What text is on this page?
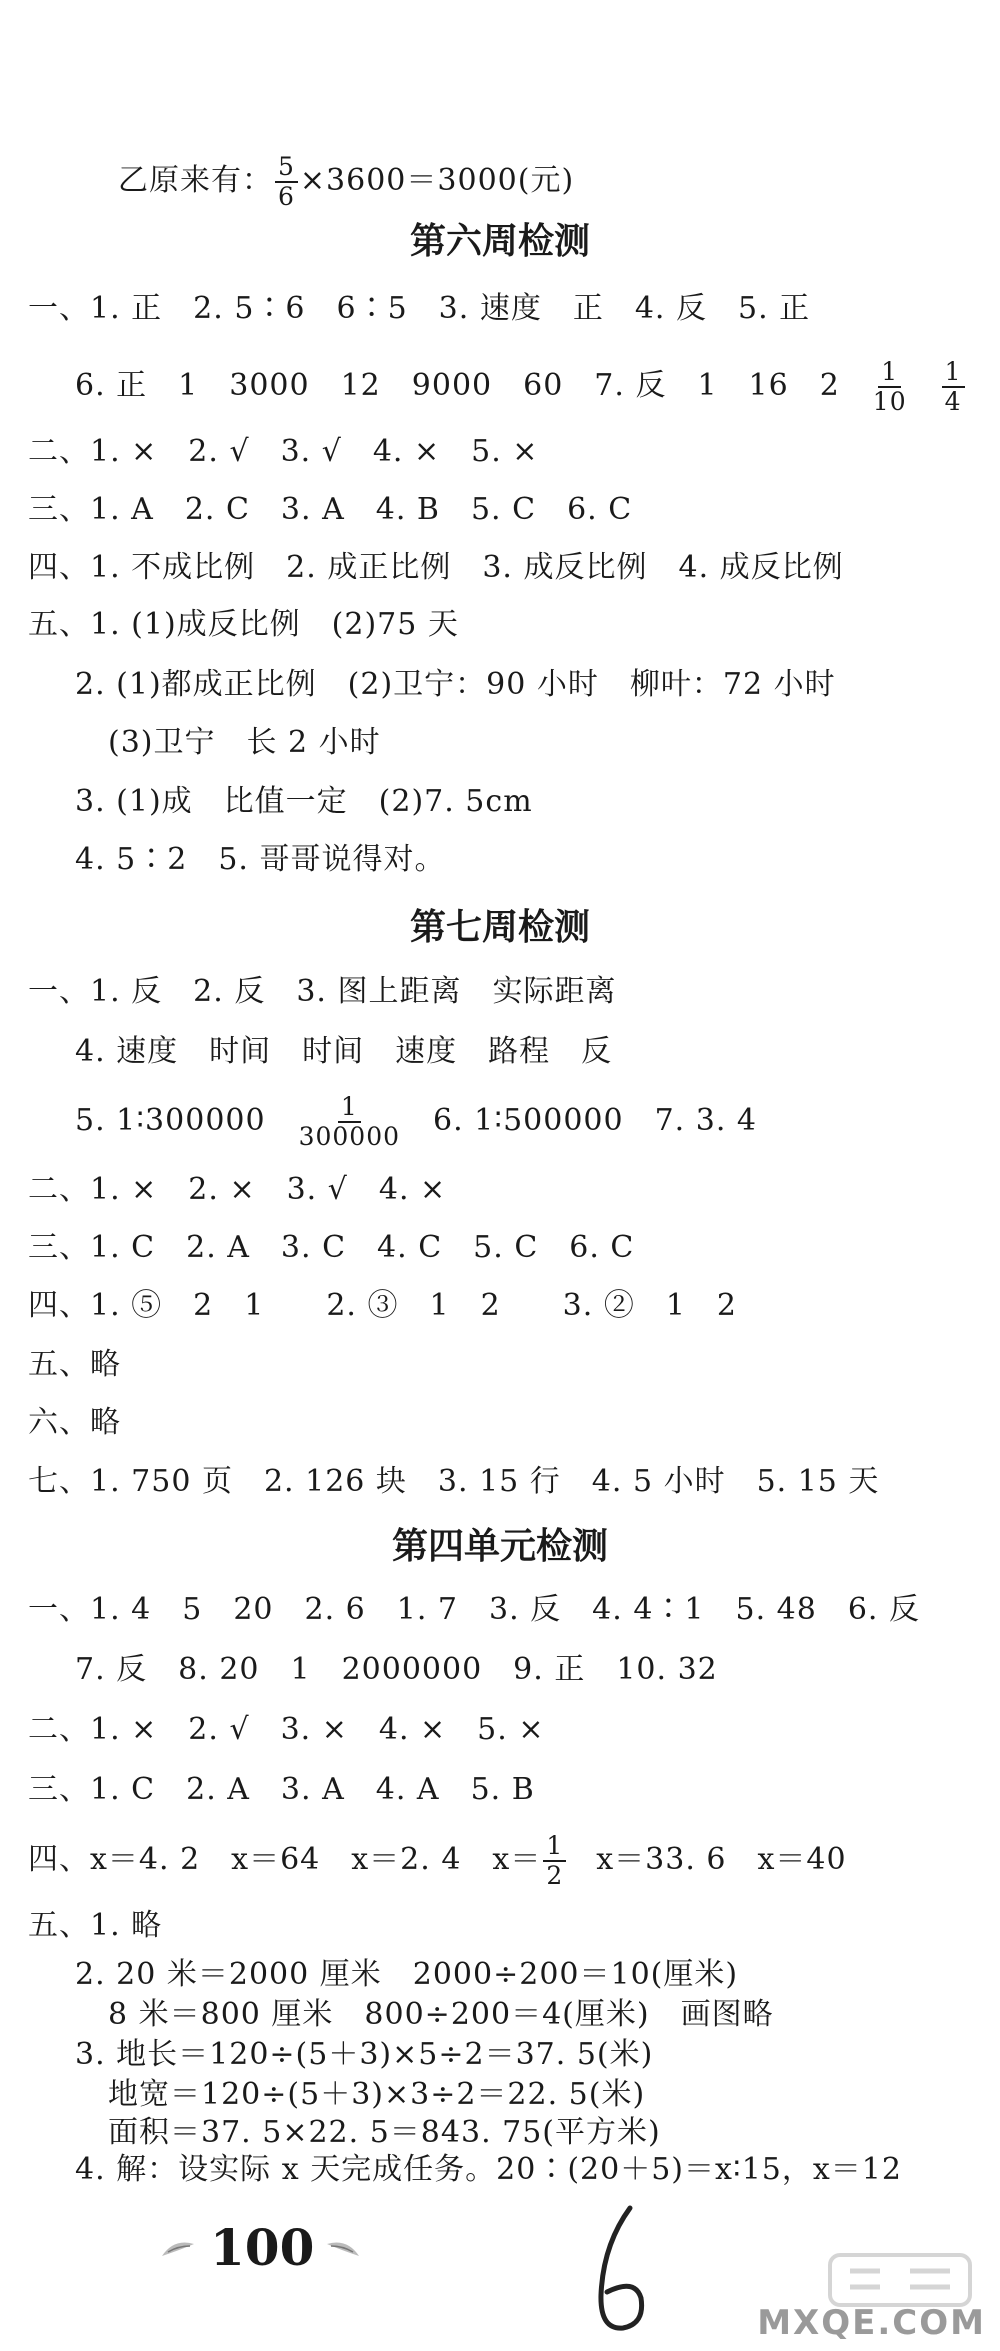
乙原来有： $\frac{5}{6} \times 3600=3000$(元)
第六周检测
一、1. 正　2. 5∶6　6∶5　3. 速度　正　4. 反　5. 正
6. 正　1　3000　12　9000　60　7. 反　1　16　$2 \frac{1}{10} \frac{1}{4}$
二、1. ×　2. √　3. √　4. ×　5. ×
三、1. A　2. C　3. A　4. B　5. C　6. C
四、1. 不成比例　2. 成正比例　3. 成反比例　4. 成反比例
五、1. (1)成反比例　(2)75 天
2. (1)都成正比例　(2)卫宁：90 小时　柳叶：72 小时
(3)卫宁　长 2 小时
3. (1)成　比值一定　(2)7. 5cm
4. 5∶2　5. 哥哥说得对。
第七周检测
一、1. 反　2. 反　3. 图上距离　实际距离
4. 速度　时间　时间　速度　路程　反
5. 1∶300000 $\frac{1}{300000} 6$. 1∶500000　7. 3. 4
二、1. ×　2. ×　3. √　4. ×
三、1. C　2. A　3. C　4. C　5. C　6. C
四、1. ⑤　2　1　　2. ③　1　2　　3. ②　1　2
五、略
六、略
七、1. 750 页　2. 126 块　3. 15 行　4. 5 小时　5. 15 天
第四单元检测
一、1. 4　5　20　2. 6　1. 7　3. 反　4. 4∶1　5. 48　6. 反
7. 反　8. 20　1　2000000　9. 正　10. 32
二、1. ×　2. √　3. ×　4. ×　5. ×
三、1. C　2. A　3. A　4. A　5. B
四、x＝4. 2　x＝64　x＝2. 4　$x= \frac{1}{2} x=33$. 6　x＝40
五、1. 略
2. 20 米＝2000 厘米　2000÷200＝10(厘米)
8 米＝800 厘米　800÷200＝4(厘米)　画图略
3. 地长＝120÷(5＋3)×5÷2＝37. 5(米)
地宽＝120÷(5＋3)×3÷2＝22. 5(米)
面积＝37. 5×22. 5＝843. 75(平方米)
4. 解：设实际 x 天完成任务。20∶(20＋5)＝x∶15，x＝12
100
MXQE.COM
